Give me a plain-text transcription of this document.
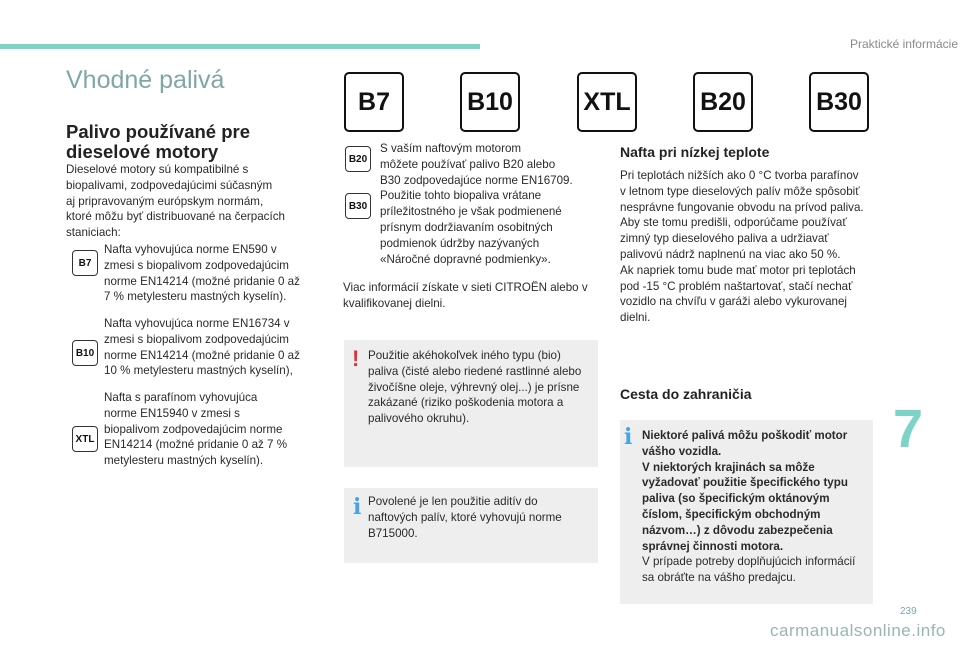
Praktické informácie
Vhodné palivá
B7	B10	XTL	B20	B30
Palivo používané pre
dieselové motory
Dieselové motory sú kompatibilné s
biopalivami, zodpovedajúcimi súčasným
aj pripravovaným európskym normám,
ktoré môžu byť distribuované na čerpacích
staniciach:
B7
Nafta vyhovujúca norme EN590 v
zmesi s biopalivom zodpovedajúcim
norme EN14214 (možné pridanie 0 až
7 % metylesteru mastných kyselín).
B10
Nafta vyhovujúca norme EN16734 v
zmesi s biopalivom zodpovedajúcim
norme EN14214 (možné pridanie 0 až
10 % metylesteru mastných kyselín),
XTL
Nafta s parafínom vyhovujúca
norme EN15940 v zmesi s
biopalivom zodpovedajúcim norme
EN14214 (možné pridanie 0 až 7 %
metylesteru mastných kyselín).
B20
B30
S vaším naftovým motorom
môžete používať palivo B20 alebo
B30 zodpovedajúce norme EN16709.
Použitie tohto biopaliva vrátane
príležitostného je však podmienené
prísnym dodržiavaním osobitných
podmienok údržby nazývaných
«Náročné dopravné podmienky».
Viac informácií získate v sieti CITROËN alebo v
kvalifikovanej dielni.
! Použitie akéhokoľvek iného typu (bio)
paliva (čisté alebo riedené rastlinné alebo
živočíšne oleje, výhrevný olej...) je prísne
zakázané (riziko poškodenia motora a
palivového okruhu).
i Povolené je len použitie aditív do
naftových palív, ktoré vyhovujú norme
B715000.
Nafta pri nízkej teplote
Pri teplotách nižších ako 0 °C tvorba parafínov
v letnom type dieselových palív môže spôsobiť
nesprávne fungovanie obvodu na prívod paliva.
Aby ste tomu predišli, odporúčame používať
zimný typ dieselového paliva a udržiavať
palivovú nádrž naplnenú na viac ako 50 %.
Ak napriek tomu bude mať motor pri teplotách
pod -15 °C problém naštartovať, stačí nechať
vozidlo na chvíľu v garáži alebo vykurovanej
dielni.
Cesta do zahraničia
i Niektoré palivá môžu poškodiť motor
vášho vozidla.
V niektorých krajinách sa môže
vyžadovať použitie špecifického typu
paliva (so špecifickým oktánovým
číslom, špecifickým obchodným
názvom…) z dôvodu zabezpečenia
správnej činnosti motora.
V prípade potreby doplňujúcich informácií
sa obráťte na vášho predajcu.
7
239
carmanualsonline.info
